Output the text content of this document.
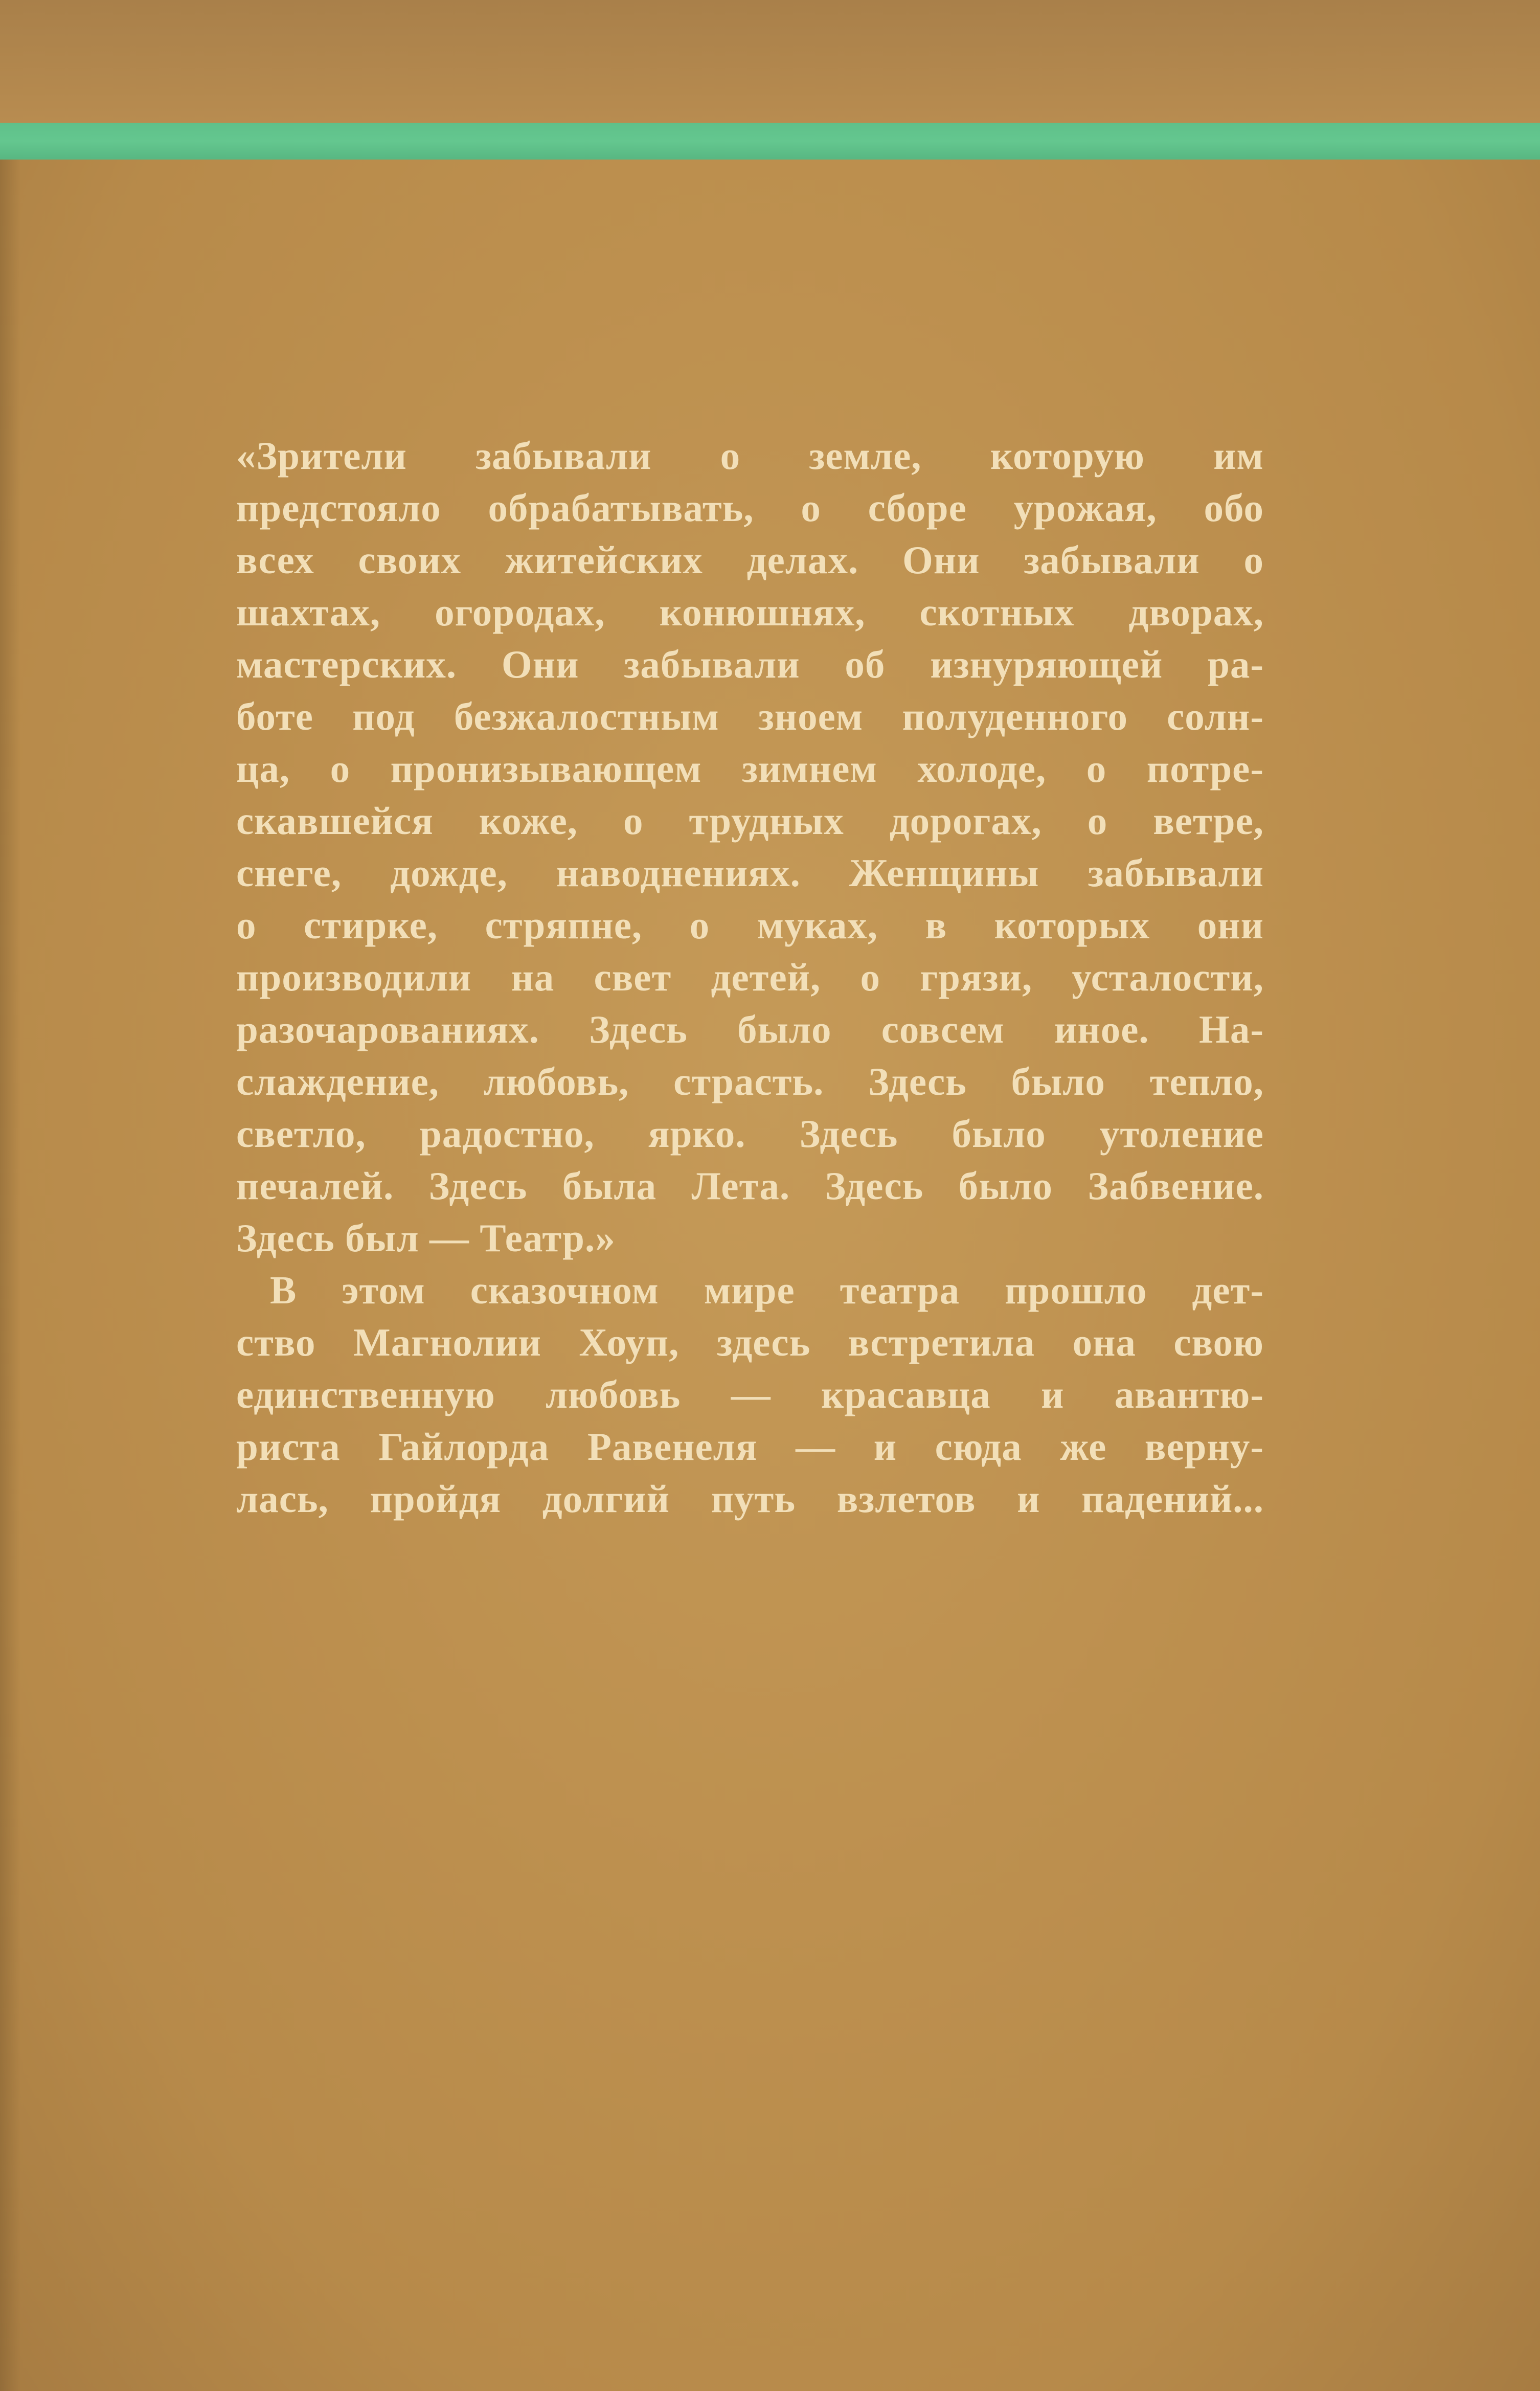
«Зрители забывали о земле, которую им
предстояло обрабатывать, о сборе урожая, обо
всех своих житейских делах. Они забывали о
шахтах, огородах, конюшнях, скотных дворах,
мастерских. Они забывали об изнуряющей ра-
боте под безжалостным зноем полуденного солн-
ца, о пронизывающем зимнем холоде, о потре-
скавшейся коже, о трудных дорогах, о ветре,
снеге, дожде, наводнениях. Женщины забывали
о стирке, стряпне, о муках, в которых они
производили на свет детей, о грязи, усталости,
разочарованиях. Здесь было совсем иное. На-
слаждение, любовь, страсть. Здесь было тепло,
светло, радостно, ярко. Здесь было утоление
печалей. Здесь была Лета. Здесь было Забвение.
Здесь был — Театр.»
В этом сказочном мире театра прошло дет-
ство Магнолии Хоуп, здесь встретила она свою
единственную любовь — красавца и авантю-
риста Гайлорда Равенеля — и сюда же верну-
лась, пройдя долгий путь взлетов и падений...
